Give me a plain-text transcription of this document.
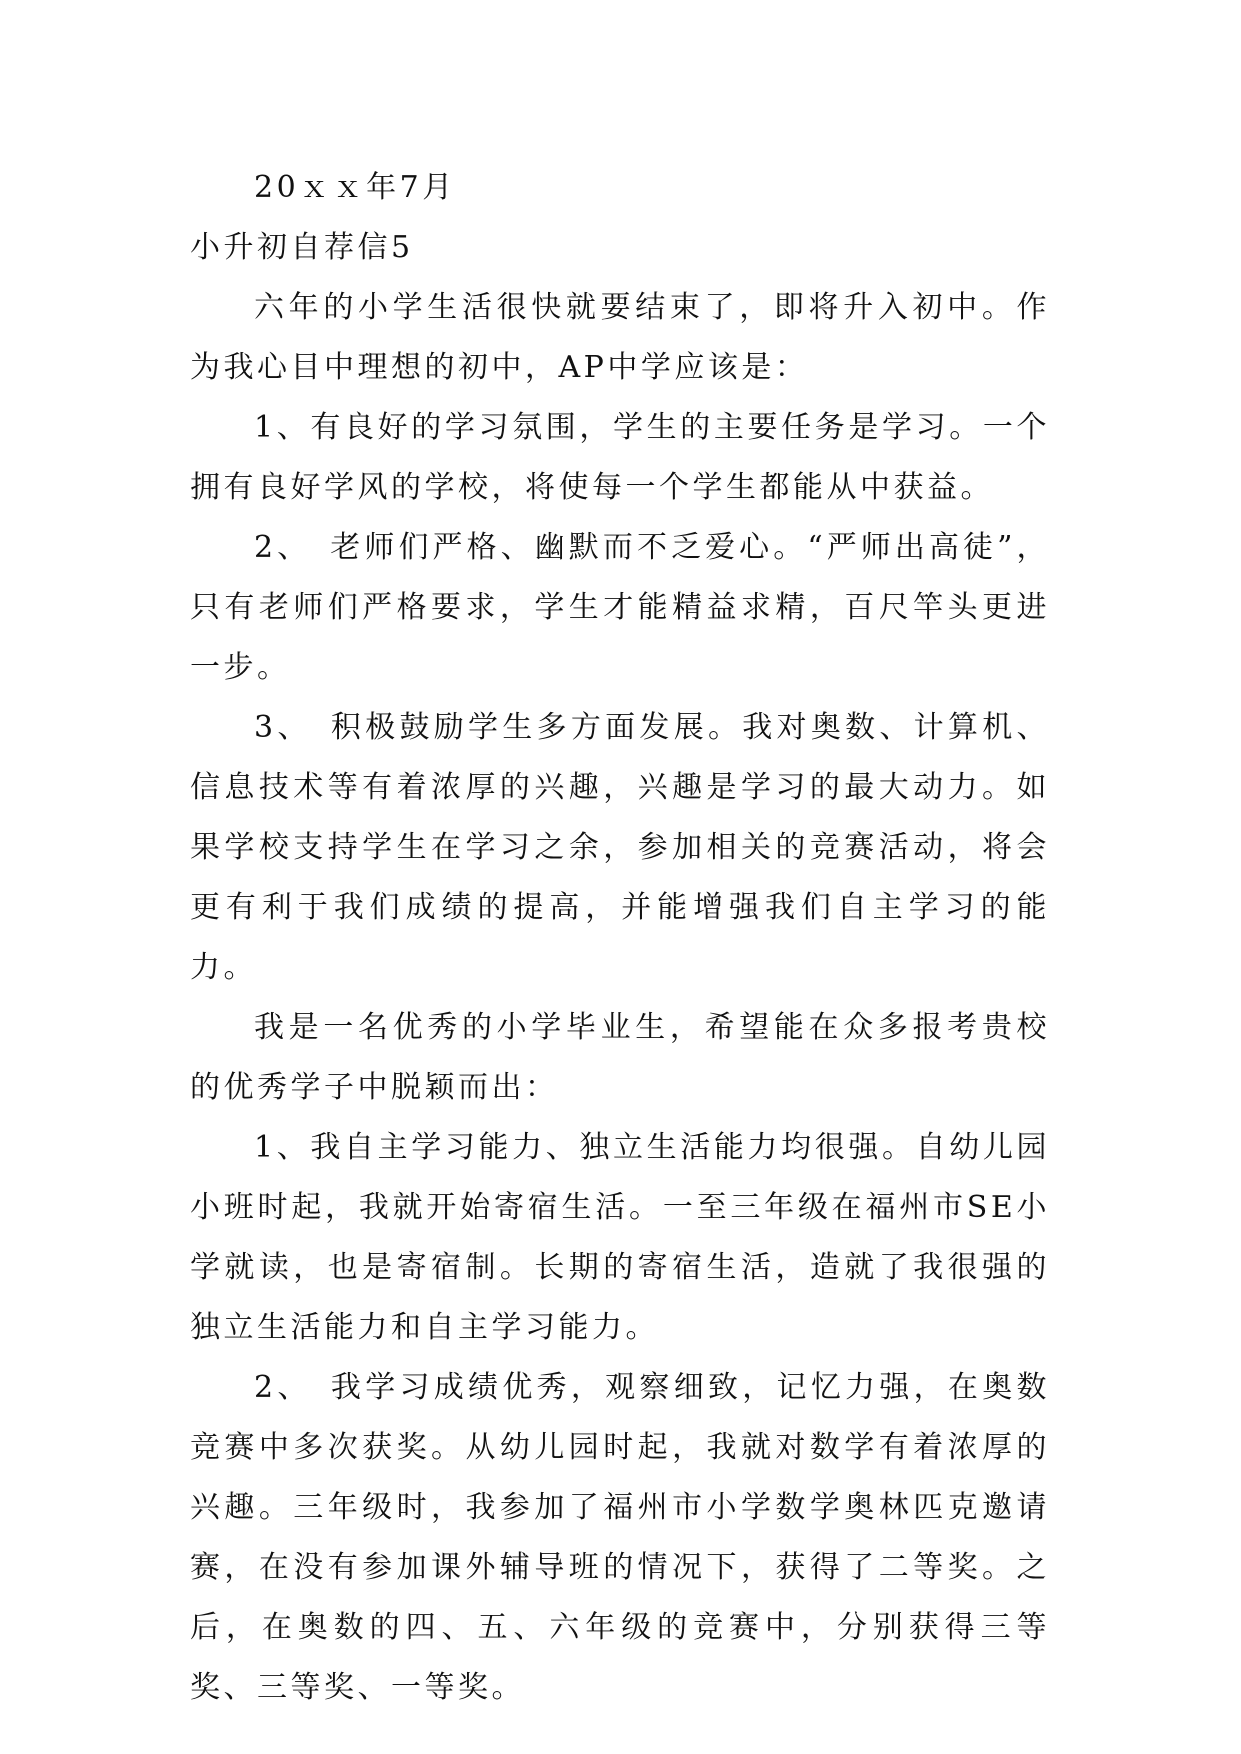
20ｘｘ年7月
小升初自荐信5

六年的小学生活很快就要结束了，即将升入初中。作为我心目中理想的初中，AP中学应该是：

1、有良好的学习氛围，学生的主要任务是学习。一个拥有良好学风的学校，将使每一个学生都能从中获益。

2、　老师们严格、幽默而不乏爱心。“严师出高徒”，只有老师们严格要求，学生才能精益求精，百尺竿头更进一步。

3、　积极鼓励学生多方面发展。我对奥数、计算机、信息技术等有着浓厚的兴趣，兴趣是学习的最大动力。如果学校支持学生在学习之余，参加相关的竞赛活动，将会更有利于我们成绩的提高，并能增强我们自主学习的能力。

我是一名优秀的小学毕业生，希望能在众多报考贵校的优秀学子中脱颖而出：

1、我自主学习能力、独立生活能力均很强。自幼儿园小班时起，我就开始寄宿生活。一至三年级在福州市SE小学就读，也是寄宿制。长期的寄宿生活，造就了我很强的独立生活能力和自主学习能力。

2、　我学习成绩优秀，观察细致，记忆力强，在奥数竞赛中多次获奖。从幼儿园时起，我就对数学有着浓厚的兴趣。三年级时，我参加了福州市小学数学奥林匹克邀请赛，在没有参加课外辅导班的情况下，获得了二等奖。之后，在奥数的四、五、六年级的竞赛中，分别获得三等奖、三等奖、一等奖。
